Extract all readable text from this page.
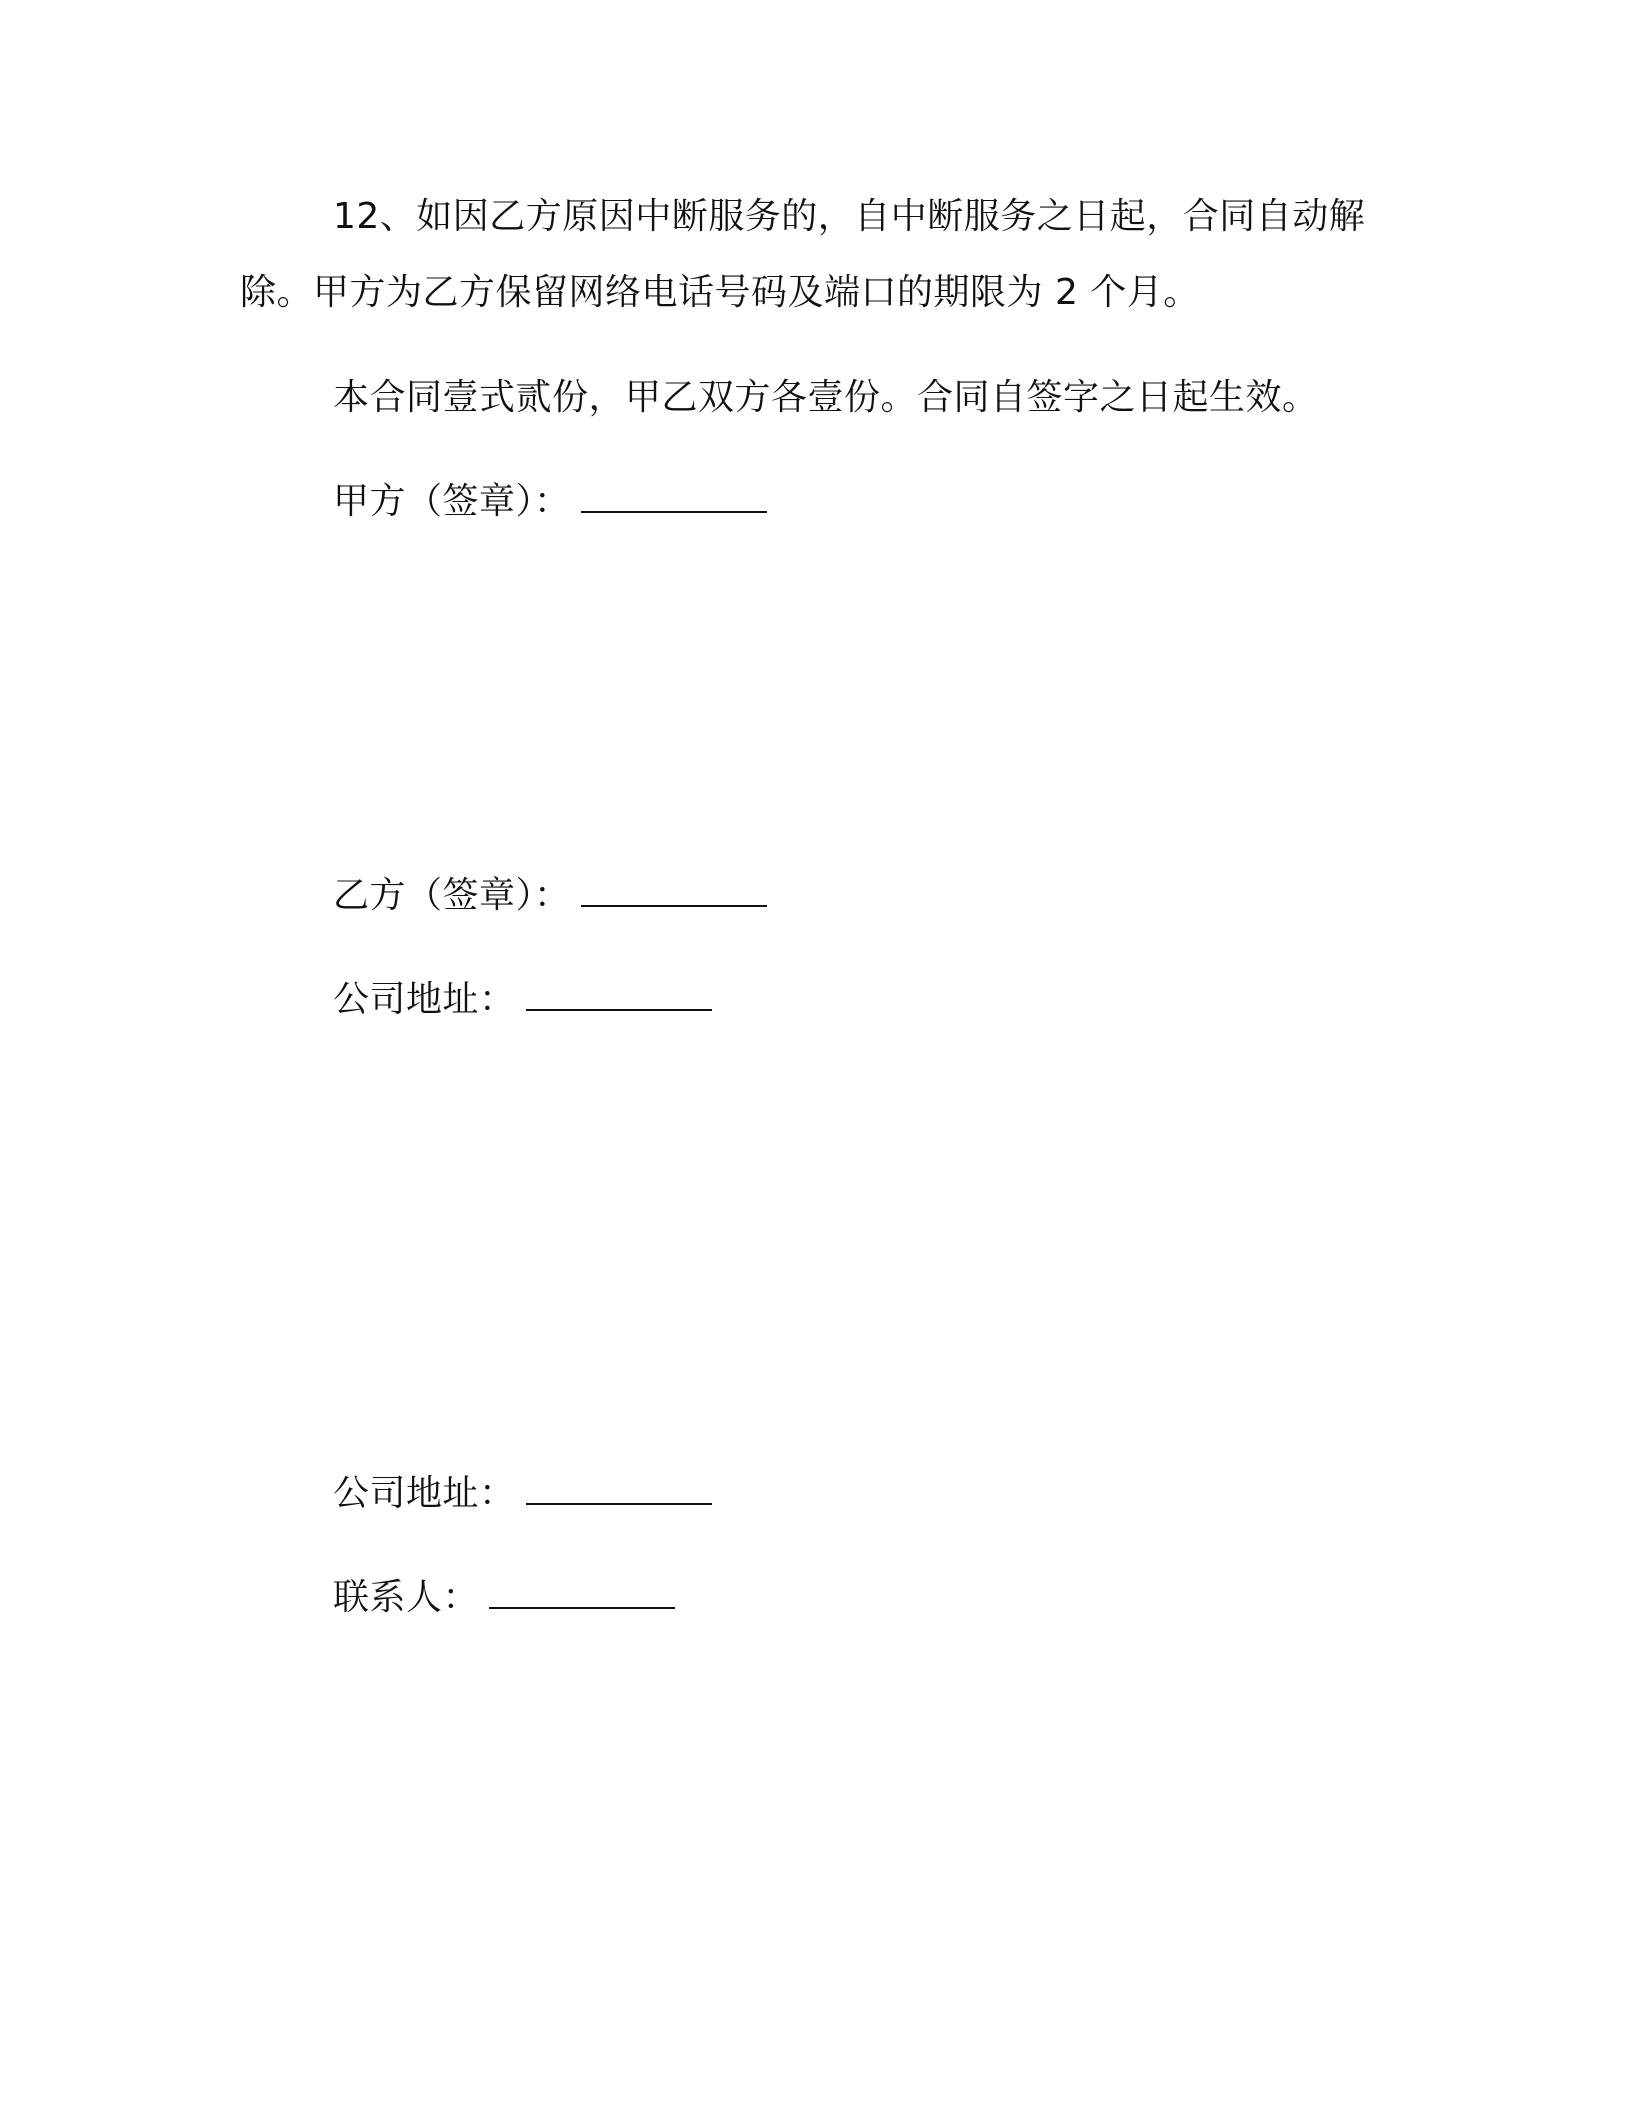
12、如因乙方原因中断服务的，自中断服务之日起，合同自动解
除。甲方为乙方保留网络电话号码及端口的期限为 2 个月。
本合同壹式贰份，甲乙双方各壹份。合同自签字之日起生效。
甲方（签章）：
乙方（签章）：
公司地址：
公司地址：
联系人：
